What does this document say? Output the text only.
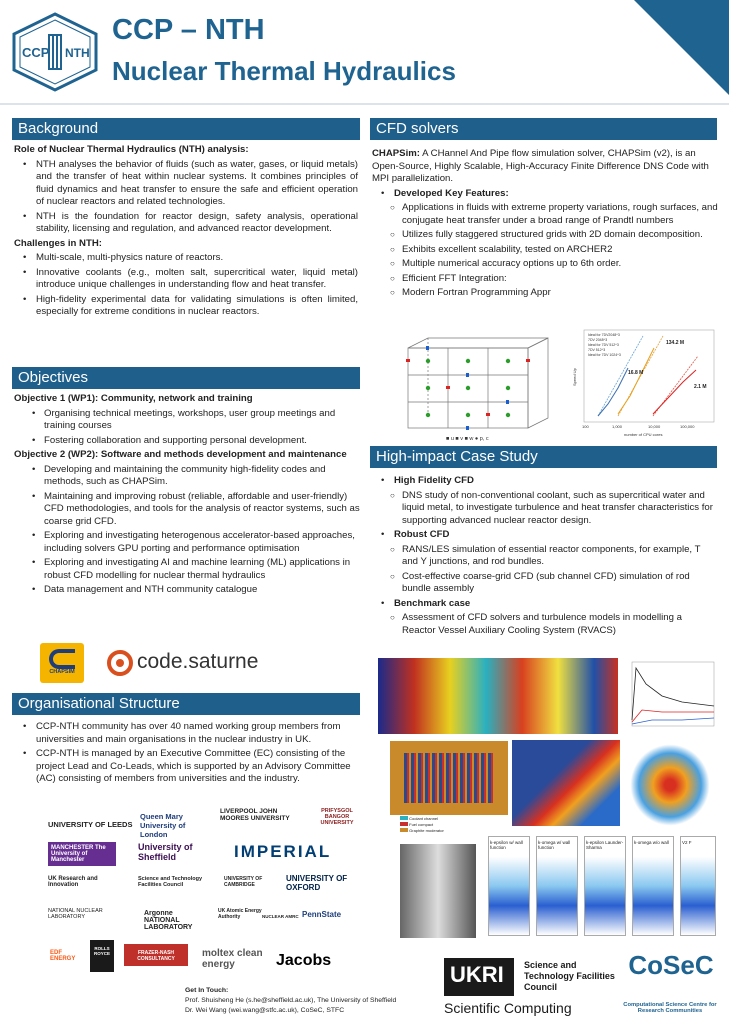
CCP NTH
CCP – NTH
Nuclear Thermal Hydraulics
Background
Role of Nuclear Thermal Hydraulics (NTH) analysis:
• NTH analyses the behavior of fluids (such as water, gases, or liquid metals) and the transfer of heat within nuclear systems. It combines principles of fluid dynamics and heat transfer to ensure the safe and efficient operation of nuclear reactors and related technologies.
• NTH is the foundation for reactor design, safety analysis, operational stability, licensing and regulation, and advanced reactor development.
Challenges in NTH:
• Multi-scale, multi-physics nature of reactors.
• Innovative coolants (e.g., molten salt, supercritical water, liquid metal) introduce unique challenges in understanding flow and heat transfer.
• High-fidelity experimental data for validating simulations is often limited, especially for extreme conditions in nuclear reactors.
Objectives
Objective 1 (WP1): Community, network and training
• Organising technical meetings, workshops, user group meetings and training courses
• Fostering collaboration and supporting personal development.
Objective 2 (WP2): Software and methods development and maintenance
• Developing and maintaining the community high-fidelity codes and methods, such as CHAPSim.
• Maintaining and improving robust (reliable, affordable and user-friendly) CFD methodologies, and tools for the analysis of reactor systems, such as coarse grid CFD.
• Exploring and investigating heterogenous accelerator-based approaches, including solvers GPU porting and performance optimisation
• Exploring and investigating AI and machine learning (ML) applications in robust CFD modelling for nuclear thermal hydraulics
• Data management and NTH community catalogue
CHAPSIM	code.saturne
Organisational Structure
• CCP-NTH community has over 40 named working group members from universities and main organisations in the nuclear industry in UK.
• CCP-NTH is managed by an Executive Committee (EC) consisting of the project Lead and Co-Leads, which is supported by an Advisory Committee (AC) consisting of members from universities and the industry.
UNIVERSITY OF LEEDS
Queen Mary University of London
LIVERPOOL JOHN MOORES UNIVERSITY
PRIFYSGOL BANGOR UNIVERSITY
MANCHESTER The University of Manchester
University of Sheffield	IMPERIAL
UK Research and Innovation
Science and Technology Facilities Council
UNIVERSITY OF CAMBRIDGE
UNIVERSITY OF OXFORD
NATIONAL NUCLEAR LABORATORY	Argonne NATIONAL LABORATORY
UK Atomic Energy Authority	NUCLEAR AMRC PennState
EDF ENERGY
ROLLS ROYCE	FRAZER-NASH CONSULTANCY	moltex clean energy	Jacobs
Get In Touch:
Prof. Shuisheng He (s.he@sheffield.ac.uk), The University of Sheffield
Dr. Wei Wang (wei.wang@stfc.ac.uk), CoSeC, STFC
CFD solvers
CHAPSim: A CHannel And Pipe flow simulation solver, CHAPSim (v2), is an Open-Source, Highly Scalable, High-Accuracy Finite Difference DNS Code with MPI parallelization.
• Developed Key Features:
○ Applications in fluids with extreme property variations, rough surfaces, and conjugate heat transfer under a broad range of Prandtl numbers
○ Utilizes fully staggered structured grids with 2D domain decomposition.
○ Exhibits excellent scalability, tested on ARCHER2
○ Multiple numerical accuracy options up to 6th order.
○ Efficient FFT Integration:
○ Modern Fortran Programming Appr
■ u ■ v ■ w ● p, c
16.8 M
134.2 M
2.1 M
Ideal for 7DV2048^3
7DV 2048^3
Ideal for 7DV 512^3
7DV 512^3
Ideal for 7DV 1024^3
100	1,000	10,000	100,000
number of CPU cores
Speed Up
High-impact Case Study
• High Fidelity CFD
○ DNS study of non-conventional coolant, such as supercritical water and liquid metal, to investigate turbulence and heat transfer characteristics for supporting advanced nuclear reactor design.
• Robust CFD
○ RANS/LES simulation of essential reactor components, for example, T and Y junctions, and rod bundles.
○ Cost-effective coarse-grid CFD (sub channel CFD) simulation of rod bundle assembly
• Benchmark case
○ Assessment of CFD solvers and turbulence models in modelling a Reactor Vessel Auxiliary Cooling System (RVACS)
Coolant channel
Fuel compact
Graphite moderator
k-epsilon w/ wall function
k-omega w/ wall function
k-epsilon Launder-Sharma
k-omega w/o wall	V2 F
UKRI	Science and Technology Facilities Council
Scientific Computing
CoSeC
Computational Science Centre for Research Communities
